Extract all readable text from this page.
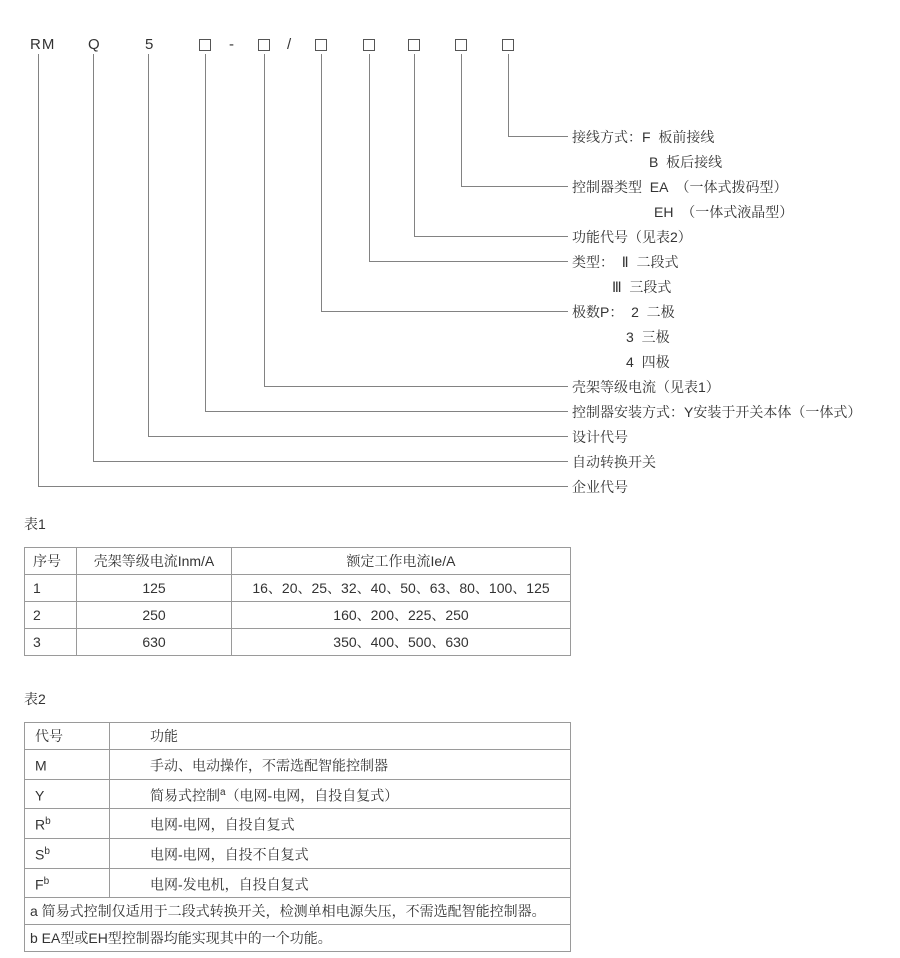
RM Q	5	-	/
接线方式：F  板前接线
B  板后接线
控制器类型  EA  （一体式拨码型）
EH  （一体式液晶型）
功能代号（见表2）
类型：  Ⅱ  二段式
Ⅲ  三段式
极数P：  2  二极
3  三极
4  四极
壳架等级电流（见表1）
控制器安装方式：Y安装于开关本体（一体式）
设计代号
自动转换开关
企业代号
表1
序号	壳架等级电流Inm/A	额定工作电流Ie/A
1	125	16、20、25、32、40、50、63、80、100、125
2	250	160、200、225、250
3	630	350、400、500、630
表2
代号	功能
M	手动、电动操作，不需选配智能控制器
Y	简易式控制$^a$（电网-电网，自投自复式）
$R^b$	电网-电网，自投自复式
$S^b$	电网-电网，自投不自复式
$F^b$	电网-发电机，自投自复式
a 简易式控制仅适用于二段式转换开关，检测单相电源失压，不需选配智能控制器。	
b EA型或EH型控制器均能实现其中的一个功能。	
